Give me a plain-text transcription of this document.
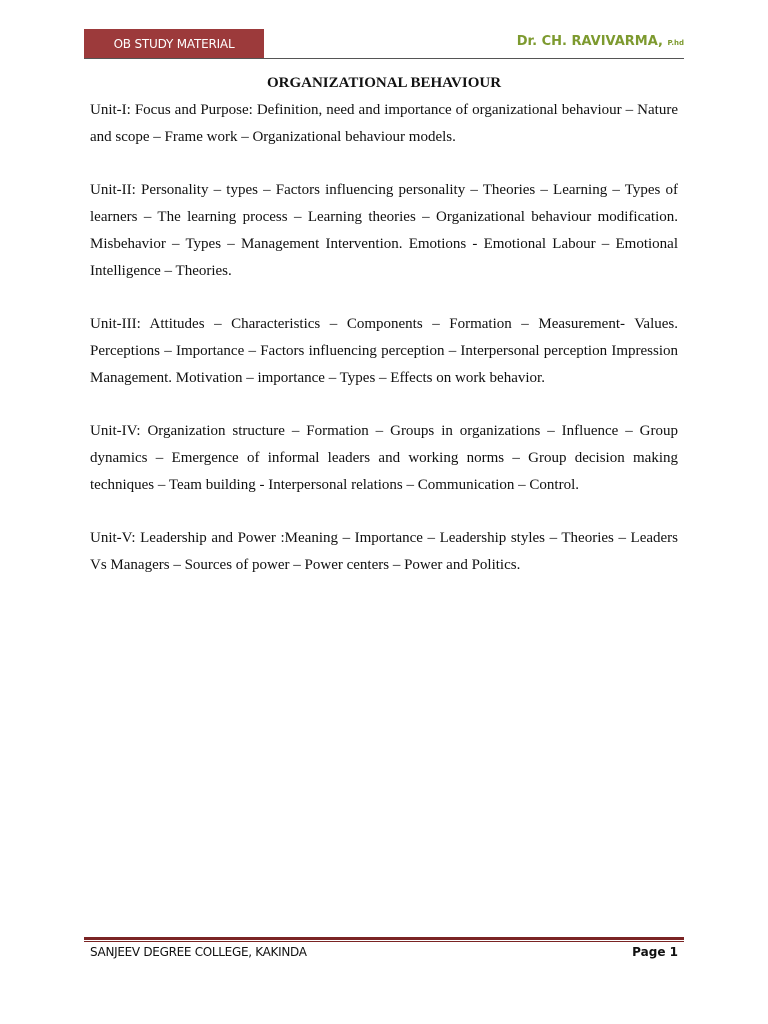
OB STUDY MATERIAL	Dr. CH. RAVIVARMA, P.hd
ORGANIZATIONAL BEHAVIOUR

Unit-I: Focus and Purpose: Definition, need and importance of organizational behaviour – Nature and scope – Frame work – Organizational behaviour models.

Unit-II: Personality – types – Factors influencing personality – Theories – Learning – Types of learners – The learning process – Learning theories – Organizational behaviour modification. Misbehavior – Types – Management Intervention. Emotions - Emotional Labour – Emotional Intelligence – Theories.

Unit-III: Attitudes – Characteristics – Components – Formation – Measurement- Values. Perceptions – Importance – Factors influencing perception – Interpersonal perception Impression Management. Motivation – importance – Types – Effects on work behavior.

Unit-IV: Organization structure – Formation – Groups in organizations – Influence – Group dynamics – Emergence of informal leaders and working norms – Group decision making techniques – Team building - Interpersonal relations – Communication – Control.

Unit-V: Leadership and Power :Meaning – Importance – Leadership styles – Theories – Leaders Vs Managers – Sources of power – Power centers – Power and Politics.

SANJEEV DEGREE COLLEGE, KAKINDA	Page 1
